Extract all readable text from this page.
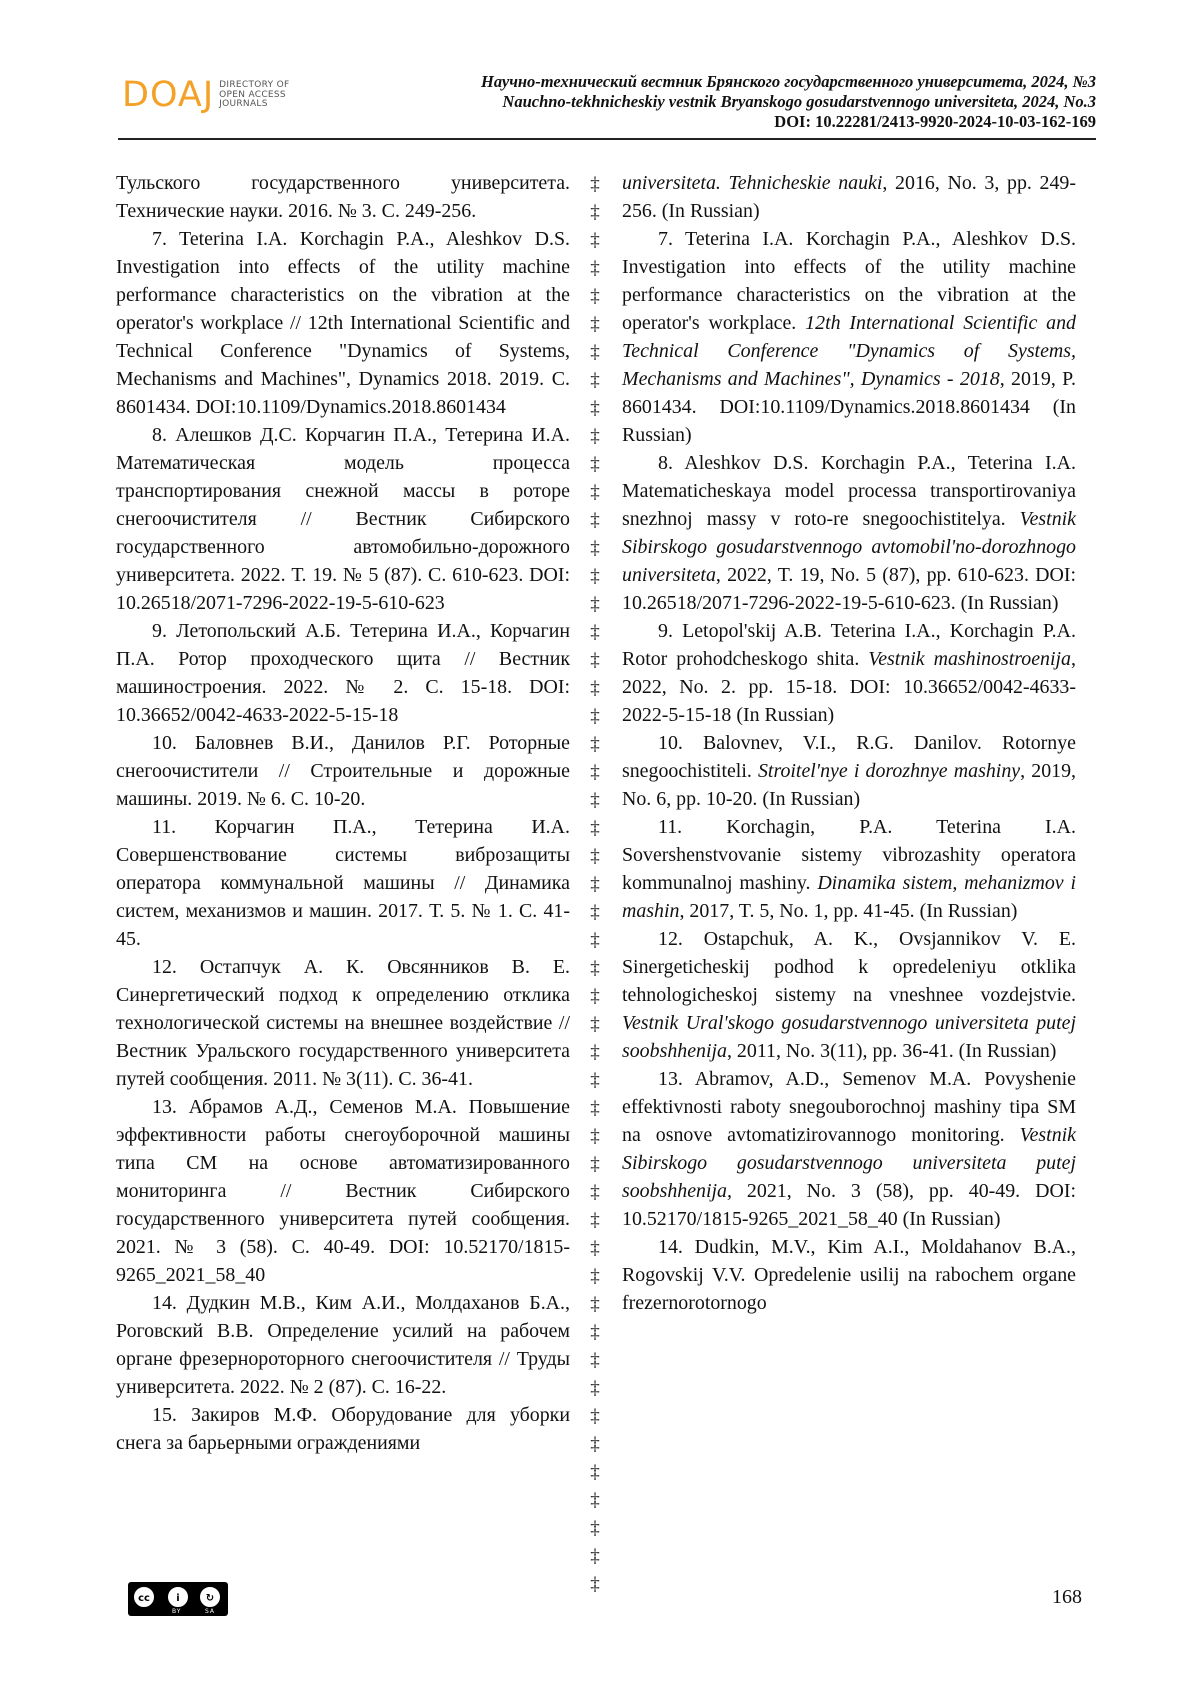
DOAJ DIRECTORY OF
OPEN ACCESS
JOURNALS
Научно-технический вестник Брянского государственного университета, 2024, №3
Nauchno-tekhnicheskiy vestnik Bryanskogo gosudarstvennogo universiteta, 2024, No.3
DOI: 10.22281/2413-9920-2024-10-03-162-169

Тульского государственного университета. Технические науки. 2016. № 3. С. 249-256.

7. Teterina I.A. Korchagin P.A., Aleshkov D.S. Investigation into effects of the utility machine performance characteristics on the vibration at the operator's workplace // 12th International Scientific and Technical Conference "Dynamics of Systems, Mechanisms and Machines", Dynamics 2018. 2019. С. 8601434. DOI:10.1109/Dynamics.2018.8601434

8. Алешков Д.С. Корчагин П.А., Тетерина И.А. Математическая модель процесса транспортирования снежной массы в роторе снегоочистителя // Вестник Сибирского государственного автомобильно-дорожного университета. 2022. Т. 19. № 5 (87). С. 610-623. DOI: 10.26518/2071-7296-2022-19-5-610-623

9. Летопольский А.Б. Тетерина И.А., Корчагин П.А. Ротор проходческого щита // Вестник машиностроения. 2022. № 2. С. 15-18. DOI: 10.36652/0042-4633-2022-5-15-18

10. Баловнев В.И., Данилов Р.Г. Роторные снегоочистители // Строительные и дорожные машины. 2019. № 6. С. 10-20.

11. Корчагин П.А., Тетерина И.А. Совершенствование системы виброзащиты оператора коммунальной машины // Динамика систем, механизмов и машин. 2017. Т. 5. № 1. С. 41-45.

12. Остапчук А. К. Овсянников В. Е. Синергетический подход к определению отклика технологической системы на внешнее воздействие // Вестник Уральского государственного университета путей сообщения. 2011. № 3(11). С. 36-41.

13. Абрамов А.Д., Семенов М.А. Повышение эффективности работы снегоуборочной машины типа СМ на основе автоматизированного мониторинга // Вестник Сибирского государственного университета путей сообщения. 2021. № 3 (58). С. 40-49. DOI: 10.52170/1815-9265_2021_58_40

14. Дудкин М.В., Ким А.И., Молдаханов Б.А., Роговский В.В. Определение усилий на рабочем органе фрезернороторного снегоочистителя // Труды университета. 2022. № 2 (87). С. 16-22.

15. Закиров М.Ф. Оборудование для уборки снега за барьерными ограждениями

‡
‡
‡
‡
‡
‡
‡
‡
‡
‡
‡
‡
‡
‡
‡
‡
‡
‡
‡
‡
‡
‡
‡
‡
‡
‡
‡
‡
‡
‡
‡
‡
‡
‡
‡
‡
‡
‡
‡
‡
‡
‡
‡
‡
‡
‡
‡
‡
‡
‡
‡

universiteta. Tehnicheskie nauki, 2016, No. 3, pp. 249-256. (In Russian)

7. Teterina I.A. Korchagin P.A., Aleshkov D.S. Investigation into effects of the utility machine performance characteristics on the vibration at the operator's workplace. 12th International Scientific and Technical Conference "Dynamics of Systems, Mechanisms and Machines", Dynamics - 2018, 2019, P. 8601434. DOI:10.1109/Dynamics.2018.8601434 (In Russian)

8. Aleshkov D.S. Korchagin P.A., Teterina I.A. Matematicheskaya model processa transportirovaniya snezhnoj massy v roto-re snegoochistitelya. Vestnik Sibirskogo gosudarstvennogo avtomobil'no-dorozhnogo universiteta, 2022, T. 19, No. 5 (87), pp. 610-623. DOI: 10.26518/2071-7296-2022-19-5-610-623. (In Russian)

9. Letopol'skij A.B. Teterina I.A., Korchagin P.A. Rotor prohodcheskogo shita. Vestnik mashinostroenija, 2022, No. 2. pp. 15-18. DOI: 10.36652/0042-4633-2022-5-15-18 (In Russian)

10. Balovnev, V.I., R.G. Danilov. Rotornye snegoochistiteli. Stroitel'nye i dorozhnye mashiny, 2019, No. 6, pp. 10-20. (In Russian)

11. Korchagin, P.A. Teterina I.A. Sovershenstvovanie sistemy vibrozashity operatora kommunalnoj mashiny. Dinamika sistem, mehanizmov i mashin, 2017, T. 5, No. 1, pp. 41-45. (In Russian)

12. Ostapchuk, A. K., Ovsjannikov V. E. Sinergeticheskij podhod k opredeleniyu otklika tehnologicheskoj sistemy na vneshnee vozdejstvie. Vestnik Ural'skogo gosudarstvennogo universiteta putej soobshhenija, 2011, No. 3(11), pp. 36-41. (In Russian)

13. Abramov, A.D., Semenov M.A. Povyshenie effektivnosti raboty snegouborochnoj mashiny tipa SM na osnove avtomatizirovannogo monitoring. Vestnik Sibirskogo gosudarstvennogo universiteta putej soobshhenija, 2021, No. 3 (58), pp. 40-49. DOI: 10.52170/1815-9265_2021_58_40 (In Russian)

14. Dudkin, M.V., Kim A.I., Moldahanov B.A., Rogovskij V.V. Opredelenie usilij na rabochem organe frezernorotornogo

cc	i	↻
BY	SA
168
